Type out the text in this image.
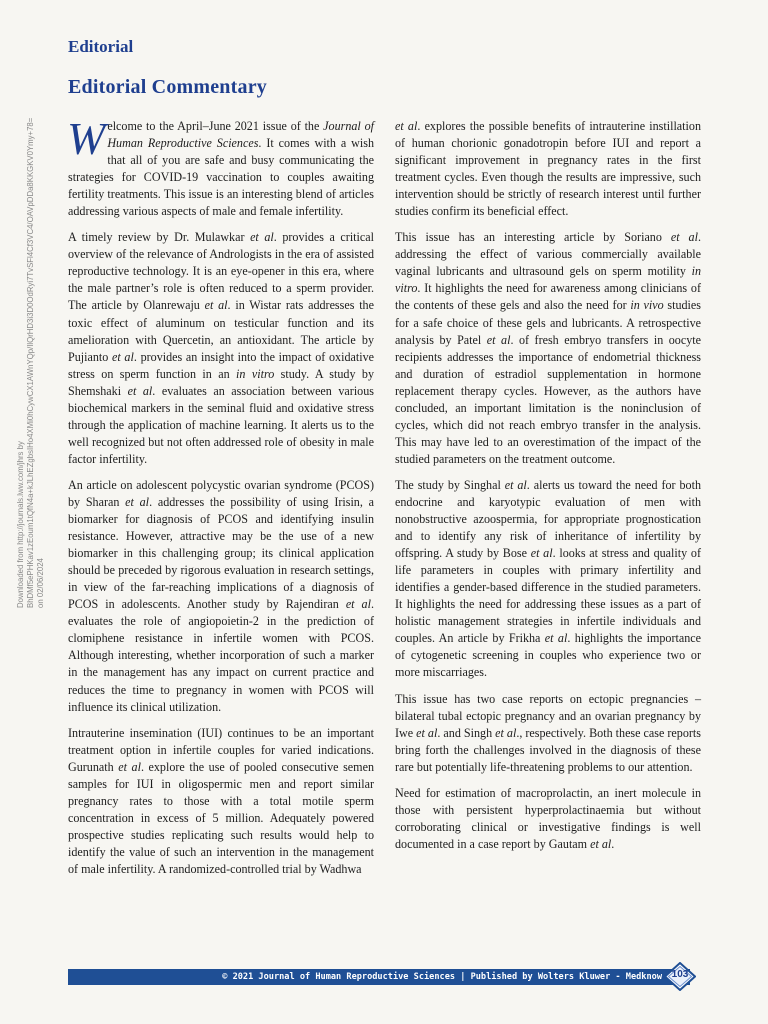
Editorial
Editorial Commentary
Downloaded from http://journals.lww.com/jhrs by BhDMf5ePHKav1zEoum1tQfN4a+kJLhEZgbsIHo4XMi0hCywCX1AWnYQp/IlQrHD3i3D0OdRyi7TvSFl4Cf3VC4/OAVpDDa8KKGKV0Ymy+78= on 02/06/2024

W elcome to the April–June 2021 issue of the Journal of Human Reproductive Sciences. It comes with a wish that all of you are safe and busy communicating the strategies for COVID-19 vaccination to couples awaiting fertility treatments. This issue is an interesting blend of articles addressing various aspects of male and female infertility.

A timely review by Dr. Mulawkar et al. provides a critical overview of the relevance of Andrologists in the era of assisted reproductive technology. It is an eye-opener in this era, where the male partner’s role is often reduced to a sperm provider. The article by Olanrewaju et al. in Wistar rats addresses the toxic effect of aluminum on testicular function and its amelioration with Quercetin, an antioxidant. The article by Pujianto et al. provides an insight into the impact of oxidative stress on sperm function in an in vitro study. A study by Shemshaki et al. evaluates an association between various biochemical markers in the seminal fluid and oxidative stress through the application of machine learning. It alerts us to the well recognized but not often addressed role of obesity in male factor infertility.

An article on adolescent polycystic ovarian syndrome (PCOS) by Sharan et al. addresses the possibility of using Irisin, a biomarker for diagnosis of PCOS and identifying insulin resistance. However, attractive may be the use of a new biomarker in this challenging group; its clinical application should be preceded by rigorous evaluation in research settings, in view of the far-reaching implications of a diagnosis of PCOS in adolescents. Another study by Rajendiran et al. evaluates the role of angiopoietin-2 in the prediction of clomiphene resistance in infertile women with PCOS. Although interesting, whether incorporation of such a marker in the management has any impact on current practice and reduces the time to pregnancy in women with PCOS will influence its clinical utilization.

Intrauterine insemination (IUI) continues to be an important treatment option in infertile couples for varied indications. Gurunath et al. explore the use of pooled consecutive semen samples for IUI in oligospermic men and report similar pregnancy rates to those with a total motile sperm concentration in excess of 5 million. Adequately powered prospective studies replicating such results would help to identify the value of such an intervention in the management of male infertility. A randomized-controlled trial by Wadhwa

et al. explores the possible benefits of intrauterine instillation of human chorionic gonadotropin before IUI and report a significant improvement in pregnancy rates in the first treatment cycles. Even though the results are impressive, such intervention should be strictly of research interest until further studies confirm its beneficial effect.

This issue has an interesting article by Soriano et al. addressing the effect of various commercially available vaginal lubricants and ultrasound gels on sperm motility in vitro. It highlights the need for awareness among clinicians of the contents of these gels and also the need for in vivo studies for a safe choice of these gels and lubricants. A retrospective analysis by Patel et al. of fresh embryo transfers in oocyte recipients addresses the importance of endometrial thickness and duration of estradiol supplementation in hormone replacement therapy cycles. However, as the authors have concluded, an important limitation is the noninclusion of cycles, which did not reach embryo transfer in the analysis. This may have led to an overestimation of the impact of the studied parameters on the treatment outcome.

The study by Singhal et al. alerts us toward the need for both endocrine and karyotypic evaluation of men with nonobstructive azoospermia, for appropriate prognostication and to identify any risk of inheritance of infertility by offspring. A study by Bose et al. looks at stress and quality of life parameters in couples with primary infertility and identifies a gender-based difference in the studied parameters. It highlights the need for addressing these issues as a part of holistic management strategies in infertile individuals and couples. An article by Frikha et al. highlights the importance of cytogenetic screening in couples who experience two or more miscarriages.

This issue has two case reports on ectopic pregnancies – bilateral tubal ectopic pregnancy and an ovarian pregnancy by Iwe et al. and Singh et al., respectively. Both these case reports bring forth the challenges involved in the diagnosis of these rare but potentially life-threatening problems to our attention.

Need for estimation of macroprolactin, an inert molecule in those with persistent hyperprolactinaemia but without corroborating clinical or investigative findings is well documented in a case report by Gautam et al.

© 2021 Journal of Human Reproductive Sciences | Published by Wolters Kluwer - Medknow 103
